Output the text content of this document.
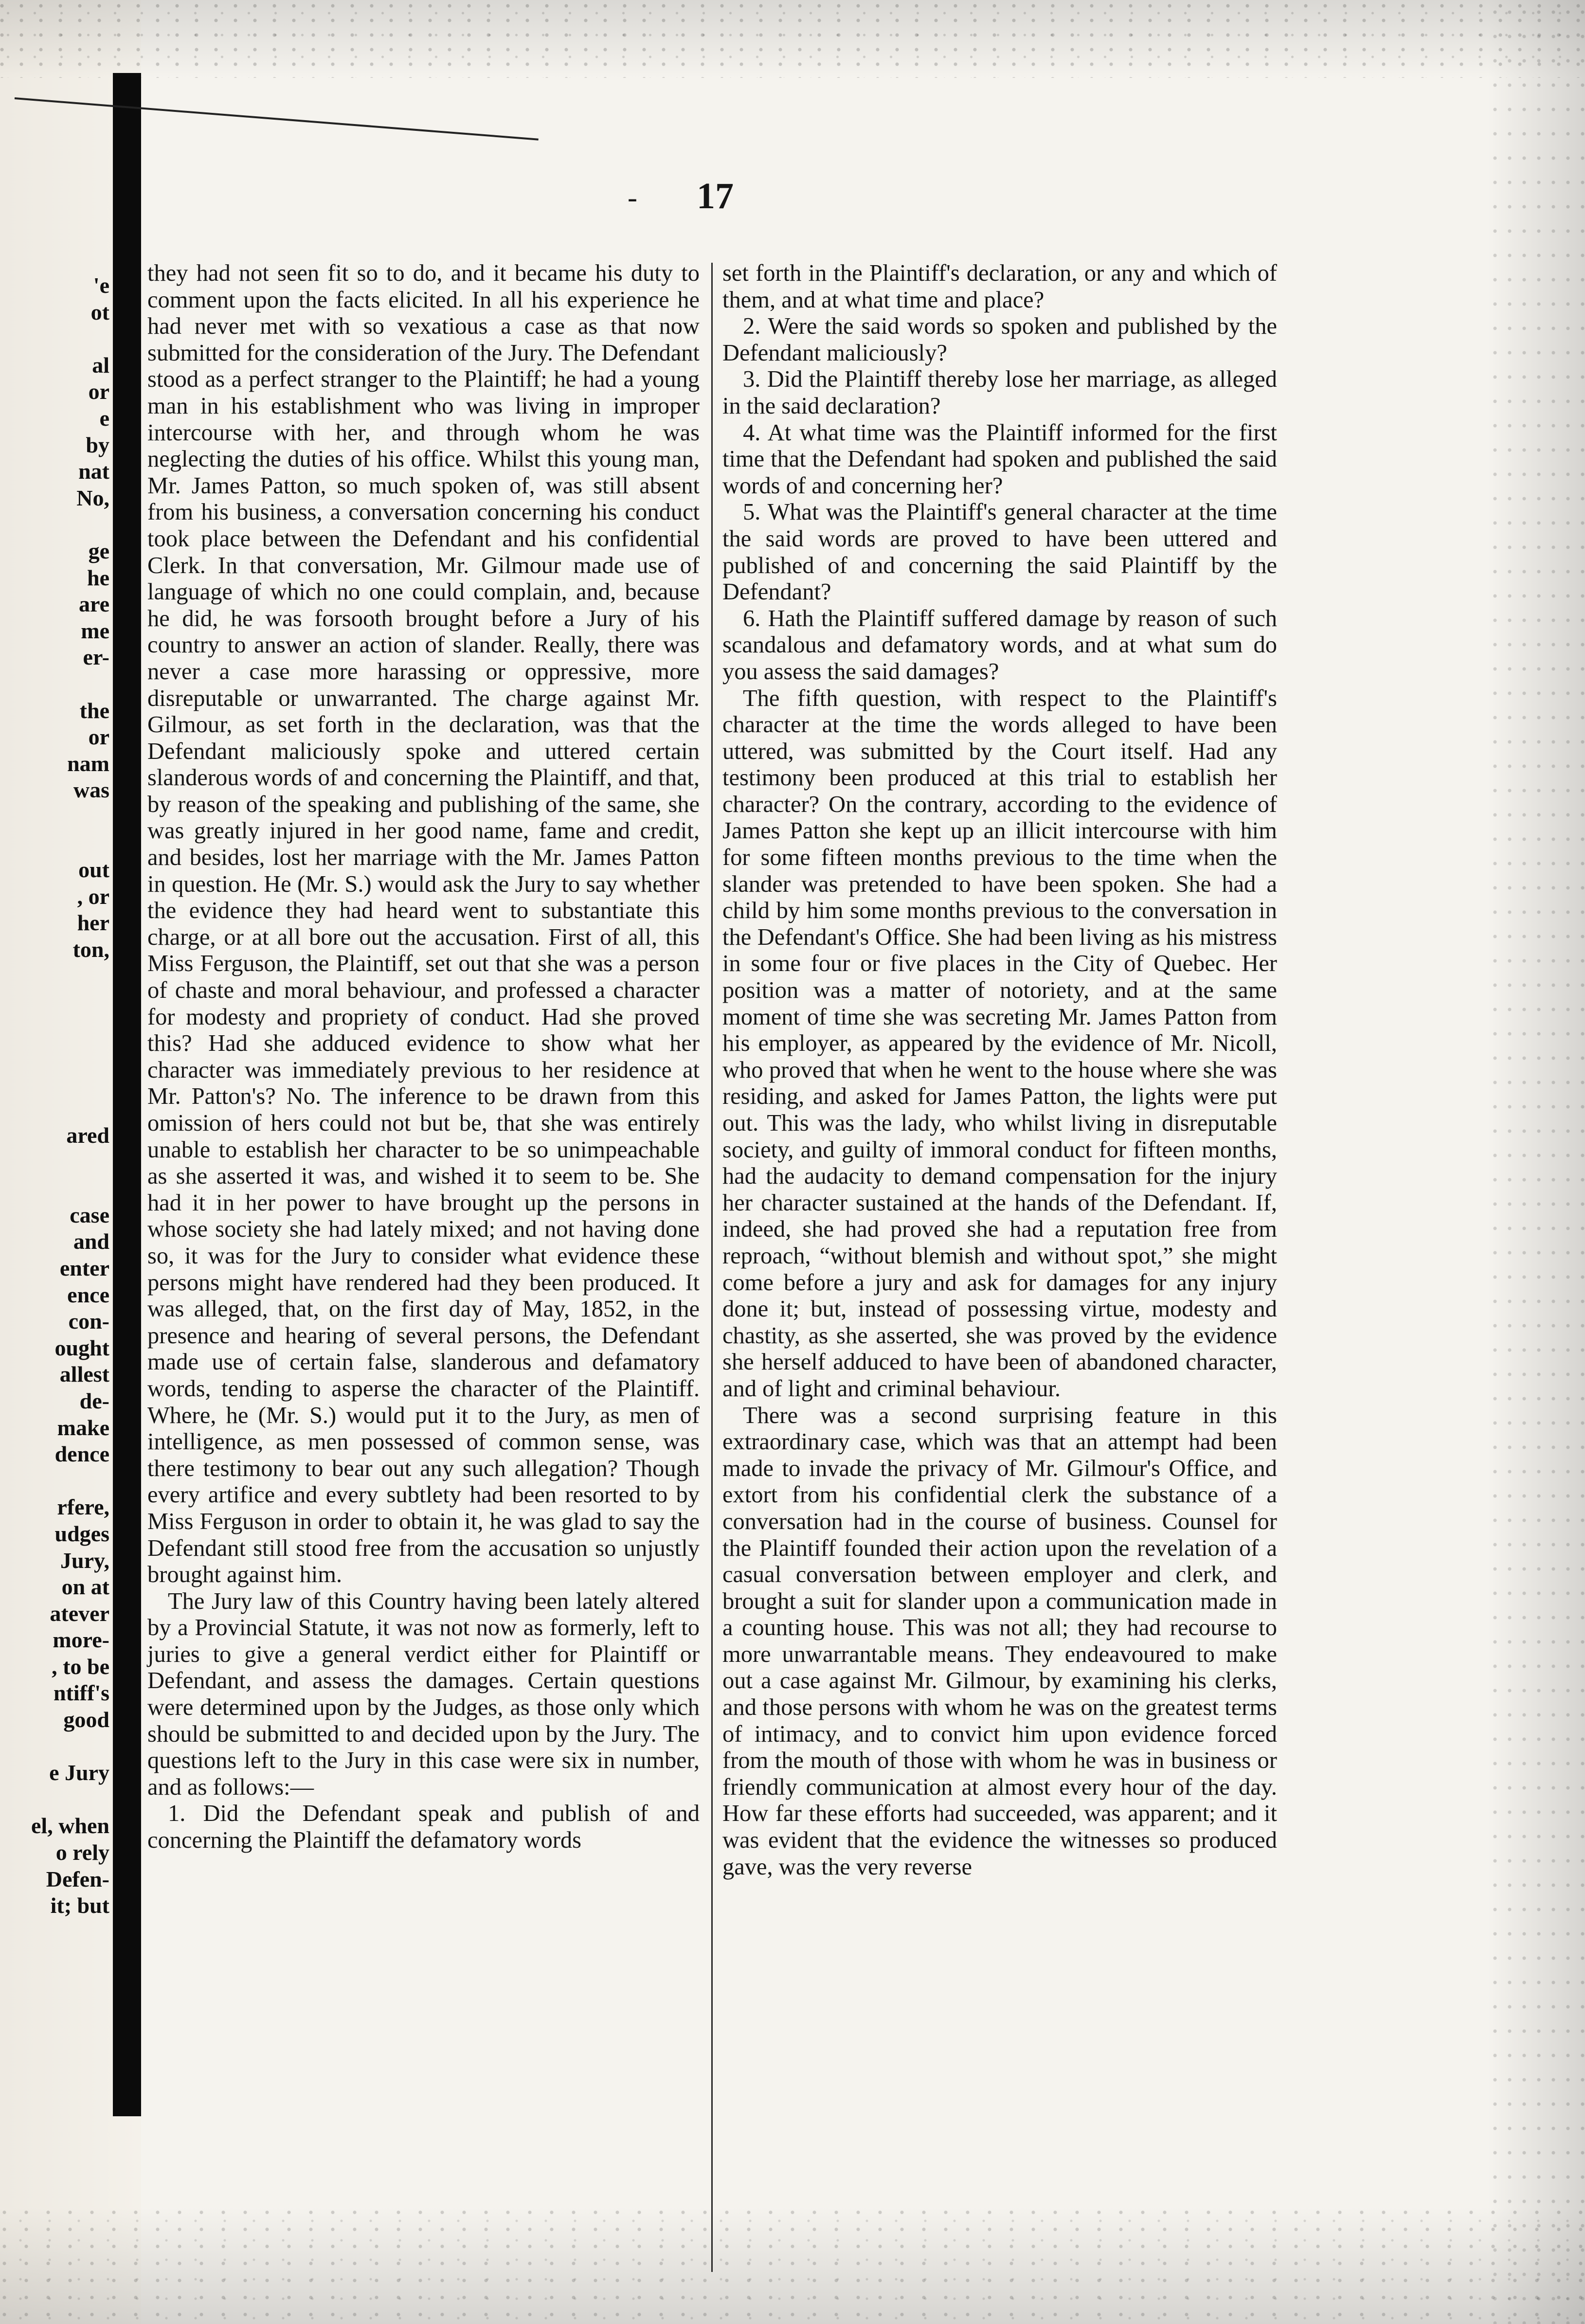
'e
ot
al
or
e
by
nat
No,
ge
he
are
me
er-
the
or
nam
was
out
, or
her
ton,
ared
case
and
enter
ence
con-
ought
allest
de-
make
dence
rfere,
udges
Jury,
on at
atever
more-
, to be
ntiff's
good
e Jury
el, when
o rely
Defen-
it; but
- 17

they had not seen fit so to do, and it became his duty to comment upon the facts elicited. In all his experience he had never met with so vexatious a case as that now submitted for the consideration of the Jury. The Defendant stood as a perfect stranger to the Plaintiff; he had a young man in his establishment who was living in improper intercourse with her, and through whom he was neglecting the duties of his office. Whilst this young man, Mr. James Patton, so much spoken of, was still absent from his business, a conversation concerning his conduct took place between the Defendant and his confidential Clerk. In that conversation, Mr. Gilmour made use of language of which no one could complain, and, because he did, he was forsooth brought before a Jury of his country to answer an action of slander. Really, there was never a case more harassing or oppressive, more disreputable or unwarranted. The charge against Mr. Gilmour, as set forth in the declaration, was that the Defendant maliciously spoke and uttered certain slanderous words of and concerning the Plaintiff, and that, by reason of the speaking and publishing of the same, she was greatly injured in her good name, fame and credit, and besides, lost her marriage with the Mr. James Patton in question. He (Mr. S.) would ask the Jury to say whether the evidence they had heard went to substantiate this charge, or at all bore out the accusation. First of all, this Miss Ferguson, the Plaintiff, set out that she was a person of chaste and moral behaviour, and professed a character for modesty and propriety of conduct. Had she proved this? Had she adduced evidence to show what her character was immediately previous to her residence at Mr. Patton's? No. The inference to be drawn from this omission of hers could not but be, that she was entirely unable to establish her character to be so unimpeachable as she asserted it was, and wished it to seem to be. She had it in her power to have brought up the persons in whose society she had lately mixed; and not having done so, it was for the Jury to consider what evidence these persons might have rendered had they been produced. It was alleged, that, on the first day of May, 1852, in the presence and hearing of several persons, the Defendant made use of certain false, slanderous and defamatory words, tending to asperse the character of the Plaintiff. Where, he (Mr. S.) would put it to the Jury, as men of intelligence, as men possessed of common sense, was there testimony to bear out any such allegation? Though every artifice and every subtlety had been resorted to by Miss Ferguson in order to obtain it, he was glad to say the Defendant still stood free from the accusation so unjustly brought against him.

The Jury law of this Country having been lately altered by a Provincial Statute, it was not now as formerly, left to juries to give a general verdict either for Plaintiff or Defendant, and assess the damages. Certain questions were determined upon by the Judges, as those only which should be submitted to and decided upon by the Jury. The questions left to the Jury in this case were six in number, and as follows:—

1. Did the Defendant speak and publish of and concerning the Plaintiff the defamatory words

set forth in the Plaintiff's declaration, or any and which of them, and at what time and place?

2. Were the said words so spoken and published by the Defendant maliciously?

3. Did the Plaintiff thereby lose her marriage, as alleged in the said declaration?

4. At what time was the Plaintiff informed for the first time that the Defendant had spoken and published the said words of and concerning her?

5. What was the Plaintiff's general character at the time the said words are proved to have been uttered and published of and concerning the said Plaintiff by the Defendant?

6. Hath the Plaintiff suffered damage by reason of such scandalous and defamatory words, and at what sum do you assess the said damages?

The fifth question, with respect to the Plaintiff's character at the time the words alleged to have been uttered, was submitted by the Court itself. Had any testimony been produced at this trial to establish her character? On the contrary, according to the evidence of James Patton she kept up an illicit intercourse with him for some fifteen months previous to the time when the slander was pretended to have been spoken. She had a child by him some months previous to the conversation in the Defendant's Office. She had been living as his mistress in some four or five places in the City of Quebec. Her position was a matter of notoriety, and at the same moment of time she was secreting Mr. James Patton from his employer, as appeared by the evidence of Mr. Nicoll, who proved that when he went to the house where she was residing, and asked for James Patton, the lights were put out. This was the lady, who whilst living in disreputable society, and guilty of immoral conduct for fifteen months, had the audacity to demand compensation for the injury her character sustained at the hands of the Defendant. If, indeed, she had proved she had a reputation free from reproach, “without blemish and without spot,” she might come before a jury and ask for damages for any injury done it; but, instead of possessing virtue, modesty and chastity, as she asserted, she was proved by the evidence she herself adduced to have been of abandoned character, and of light and criminal behaviour.

There was a second surprising feature in this extraordinary case, which was that an attempt had been made to invade the privacy of Mr. Gilmour's Office, and extort from his confidential clerk the substance of a conversation had in the course of business. Counsel for the Plaintiff founded their action upon the revelation of a casual conversation between employer and clerk, and brought a suit for slander upon a communication made in a counting house. This was not all; they had recourse to more unwarrantable means. They endeavoured to make out a case against Mr. Gilmour, by examining his clerks, and those persons with whom he was on the greatest terms of intimacy, and to convict him upon evidence forced from the mouth of those with whom he was in business or friendly communication at almost every hour of the day. How far these efforts had succeeded, was apparent; and it was evident that the evidence the witnesses so produced gave, was the very reverse
